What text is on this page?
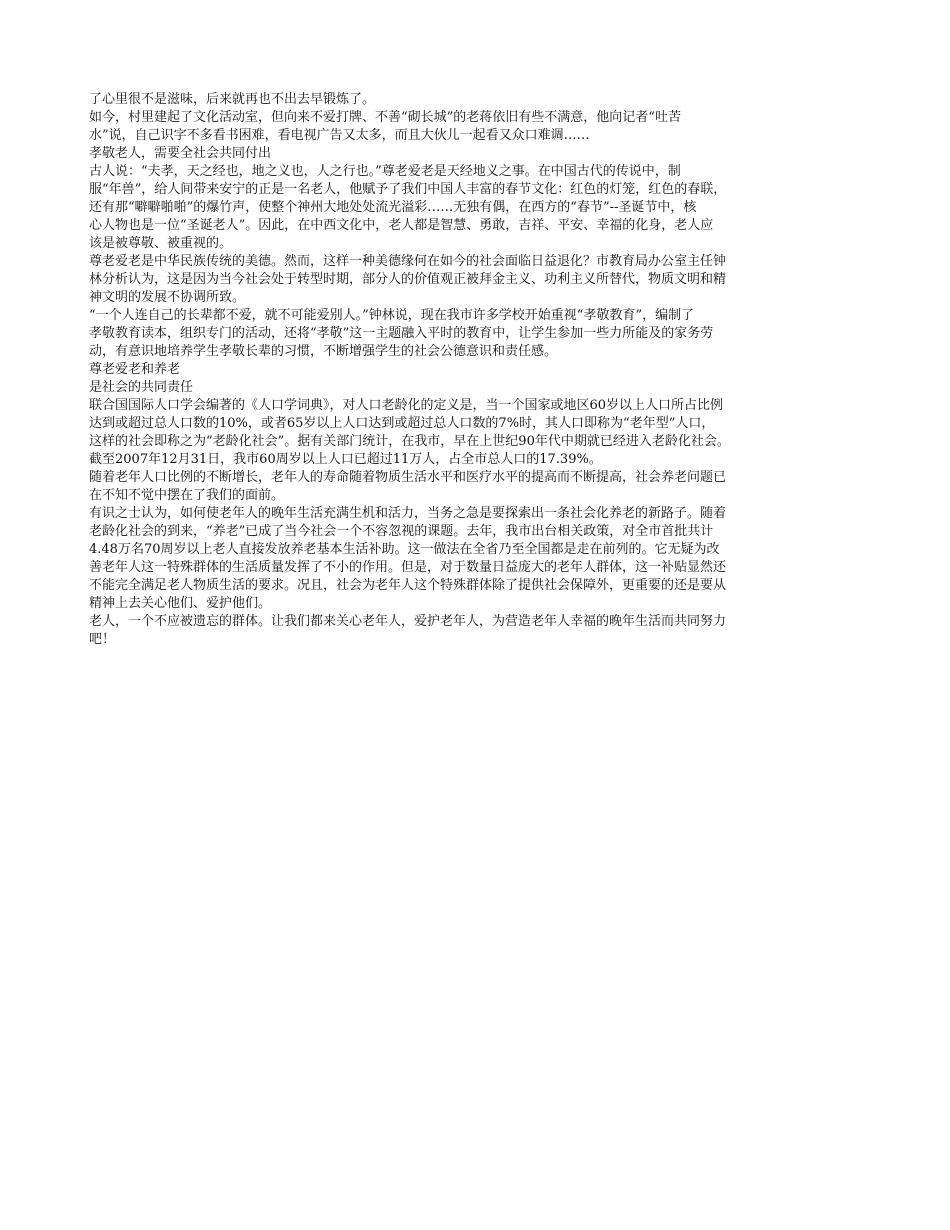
了心里很不是滋味，后来就再也不出去早锻炼了。
如今，村里建起了文化活动室，但向来不爱打牌、不善“砌长城”的老蒋依旧有些不满意，他向记者“吐苦
水”说，自己识字不多看书困难，看电视广告又太多，而且大伙儿一起看又众口难调……
孝敬老人，需要全社会共同付出
古人说：“夫孝，天之经也，地之义也，人之行也。”尊老爱老是天经地义之事。在中国古代的传说中，制
服“年兽”，给人间带来安宁的正是一名老人，他赋予了我们中国人丰富的春节文化：红色的灯笼，红色的春联，
还有那“噼噼啪啪”的爆竹声，使整个神州大地处处流光溢彩……无独有偶，在西方的“春节”--圣诞节中，核
心人物也是一位“圣诞老人”。因此，在中西文化中，老人都是智慧、勇敢，吉祥、平安、幸福的化身，老人应
该是被尊敬、被重视的。
尊老爱老是中华民族传统的美德。然而，这样一种美德缘何在如今的社会面临日益退化？市教育局办公室主任钟
林分析认为，这是因为当今社会处于转型时期，部分人的价值观正被拜金主义、功利主义所替代，物质文明和精
神文明的发展不协调所致。
“一个人连自己的长辈都不爱，就不可能爱别人。”钟林说，现在我市许多学校开始重视“孝敬教育”，编制了
孝敬教育读本，组织专门的活动，还将“孝敬”这一主题融入平时的教育中，让学生参加一些力所能及的家务劳
动，有意识地培养学生孝敬长辈的习惯，不断增强学生的社会公德意识和责任感。
尊老爱老和养老
是社会的共同责任
联合国国际人口学会编著的《人口学词典》，对人口老龄化的定义是，当一个国家或地区60岁以上人口所占比例
达到或超过总人口数的10%，或者65岁以上人口达到或超过总人口数的7%时，其人口即称为“老年型”人口，
这样的社会即称之为“老龄化社会”。据有关部门统计，在我市，早在上世纪90年代中期就已经进入老龄化社会。
截至2007年12月31日，我市60周岁以上人口已超过11万人，占全市总人口的17.39%。
随着老年人口比例的不断增长，老年人的寿命随着物质生活水平和医疗水平的提高而不断提高，社会养老问题已
在不知不觉中摆在了我们的面前。
有识之士认为，如何使老年人的晚年生活充满生机和活力，当务之急是要探索出一条社会化养老的新路子。随着
老龄化社会的到来，“养老”已成了当今社会一个不容忽视的课题。去年，我市出台相关政策，对全市首批共计
4.48万名70周岁以上老人直接发放养老基本生活补助。这一做法在全省乃至全国都是走在前列的。它无疑为改
善老年人这一特殊群体的生活质量发挥了不小的作用。但是，对于数量日益庞大的老年人群体，这一补贴显然还
不能完全满足老人物质生活的要求。况且，社会为老年人这个特殊群体除了提供社会保障外，更重要的还是要从
精神上去关心他们、爱护他们。
老人，一个不应被遗忘的群体。让我们都来关心老年人，爱护老年人，为营造老年人幸福的晚年生活而共同努力
吧！
